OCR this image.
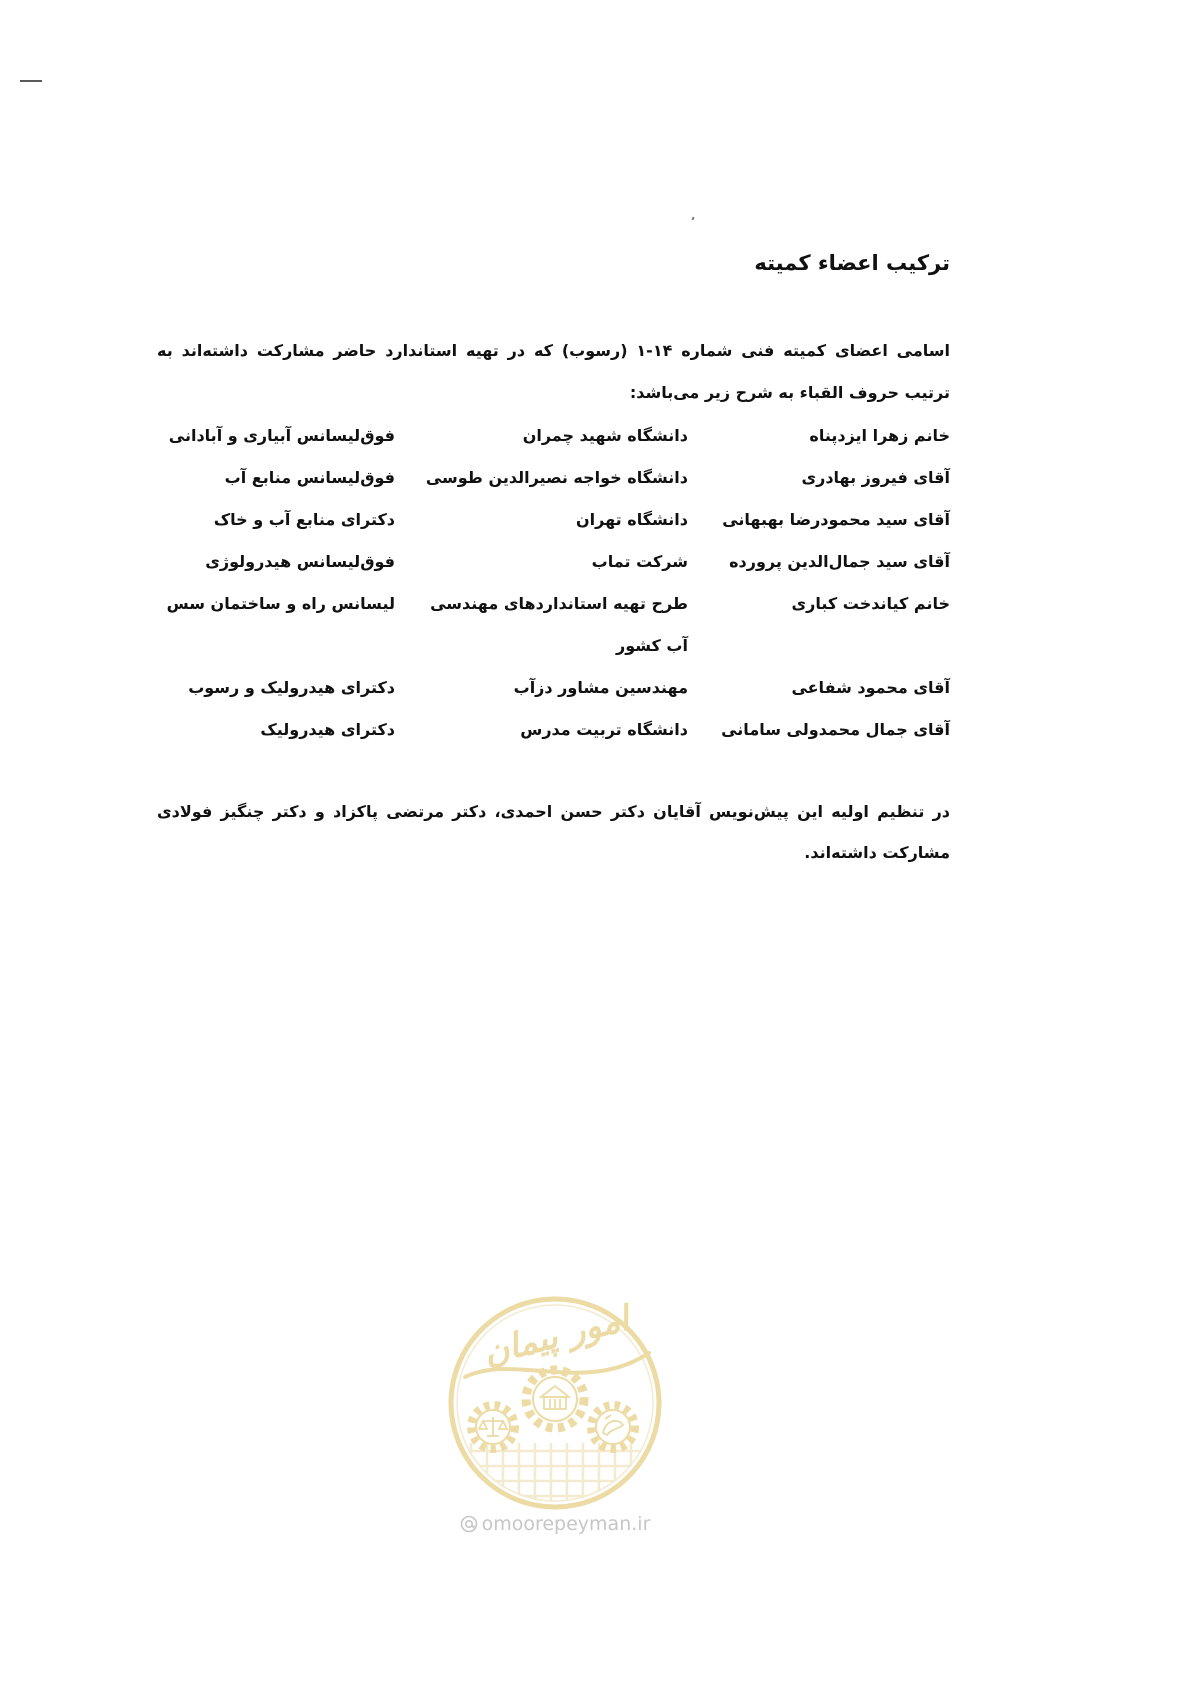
ترکیب اعضاء کمیته
اسامی اعضای کمیته فنی شماره ۱۴-۱ (رسوب) که در تهیه استاندارد حاضر مشارکت داشته‌اند به ترتیب حروف القباء به شرح زیر می‌باشد:
خانم زهرا ایزدپناه
دانشگاه شهید چمران
فوق‌لیسانس آبیاری و آبادانی
آقای فیروز بهادری
دانشگاه خواجه نصیرالدین طوسی
فوق‌لیسانس منابع آب
آقای سید محمودرضا بهبهانی
دانشگاه تهران
دکترای منابع آب و خاک
آقای سید جمال‌الدین پرورده
شرکت تماب
فوق‌لیسانس هیدرولوژی
خانم کیاندخت کباری
طرح تهیه استانداردهای مهندسی
آب کشور
لیسانس راه و ساختمان سس
آقای محمود شفاعی
مهندسین مشاور دزآب
دکترای هیدرولیک و رسوب
آقای جمال محمدولی سامانی
دانشگاه تربیت مدرس
دکترای هیدرولیک
در تنظیم اولیه این پیش‌نویس آقایان دکتر حسن احمدی، دکتر مرتضی پاکزاد و دکتر چنگیز فولادی مشارکت داشته‌اند.
امور پیمان
omoorepeyman.ir
